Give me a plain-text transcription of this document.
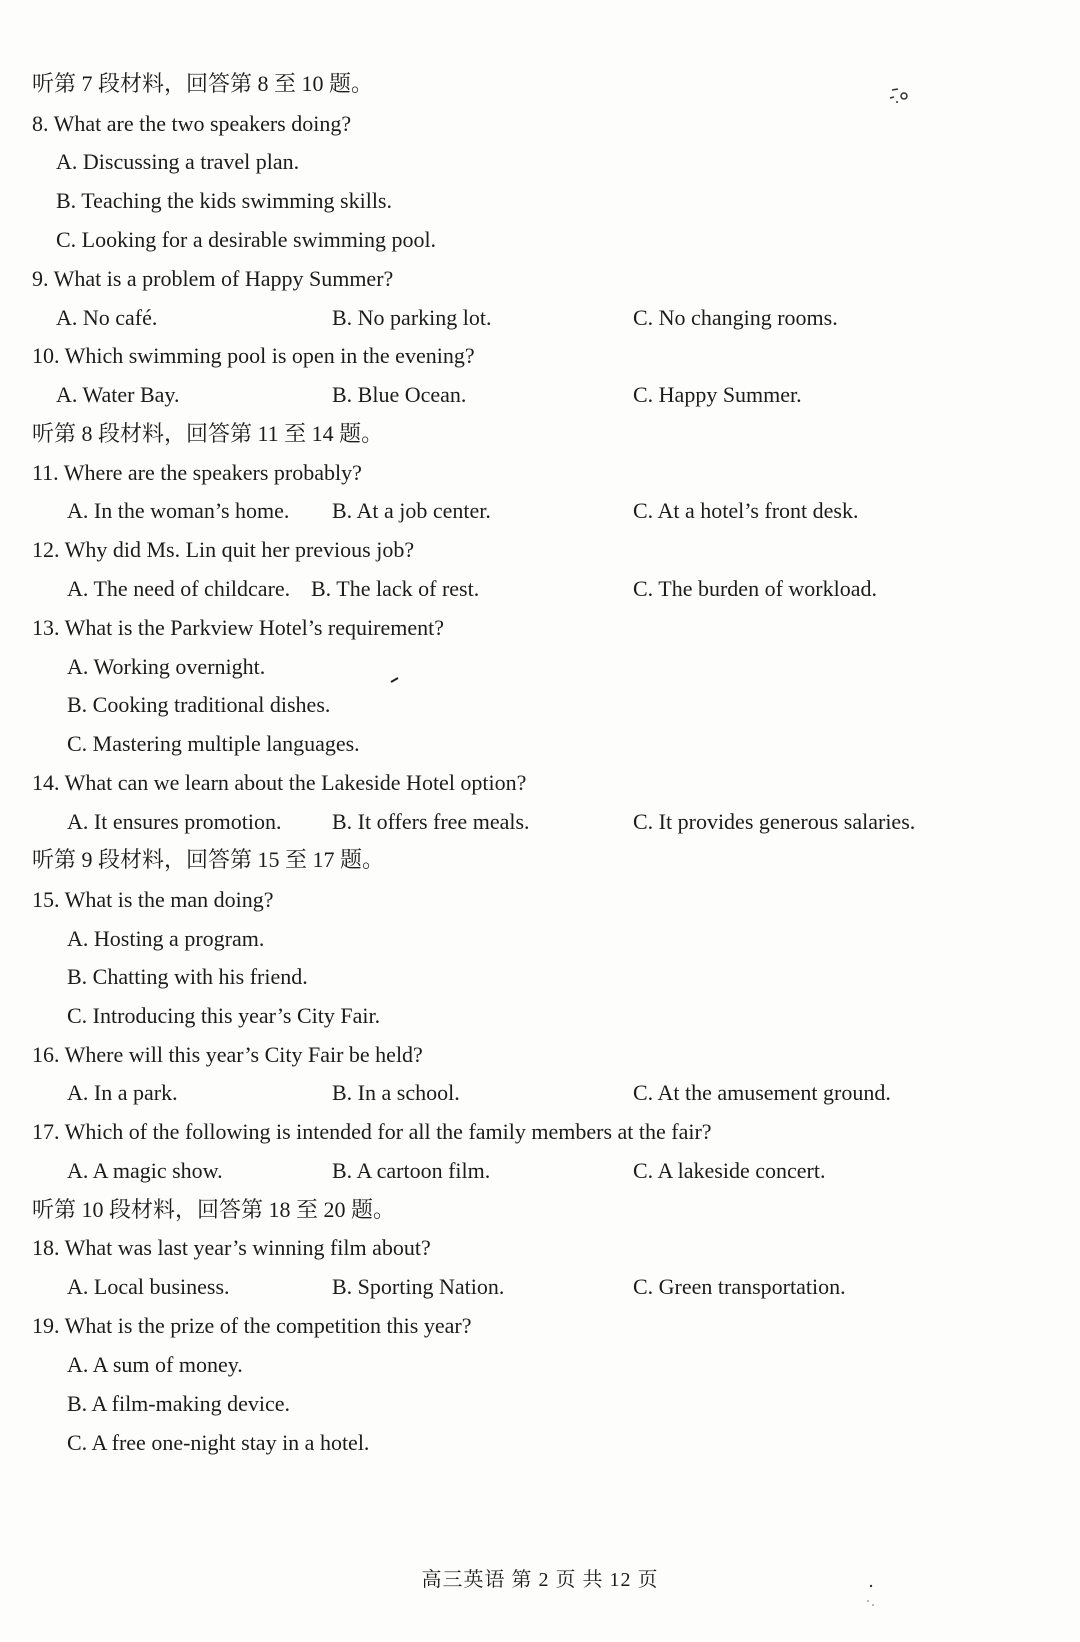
听第 7 段材料，回答第 8 至 10 题。
8. What are the two speakers doing?
A. Discussing a travel plan.
B. Teaching the kids swimming skills.
C. Looking for a desirable swimming pool.
9. What is a problem of Happy Summer?
A. No café.	B. No parking lot.	C. No changing rooms.
10. Which swimming pool is open in the evening?
A. Water Bay.	B. Blue Ocean.	C. Happy Summer.
听第 8 段材料，回答第 11 至 14 题。
11. Where are the speakers probably?
A. In the woman’s home. B. At a job center.	C. At a hotel’s front desk.
12. Why did Ms. Lin quit her previous job?
A. The need of childcare. B. The lack of rest.	C. The burden of workload.
13. What is the Parkview Hotel’s requirement?
A. Working overnight.
B. Cooking traditional dishes.
C. Mastering multiple languages.
14. What can we learn about the Lakeside Hotel option?
A. It ensures promotion. B. It offers free meals.	C. It provides generous salaries.
听第 9 段材料，回答第 15 至 17 题。
15. What is the man doing?
A. Hosting a program.
B. Chatting with his friend.
C. Introducing this year’s City Fair.
16. Where will this year’s City Fair be held?
A. In a park.	B. In a school.	C. At the amusement ground.
17. Which of the following is intended for all the family members at the fair?
A. A magic show.	B. A cartoon film.	C. A lakeside concert.
听第 10 段材料，回答第 18 至 20 题。
18. What was last year’s winning film about?
A. Local business.	B. Sporting Nation.	C. Green transportation.
19. What is the prize of the competition this year?
A. A sum of money.
B. A film-making device.
C. A free one-night stay in a hotel.
高三英语 第 2 页 共 12 页
